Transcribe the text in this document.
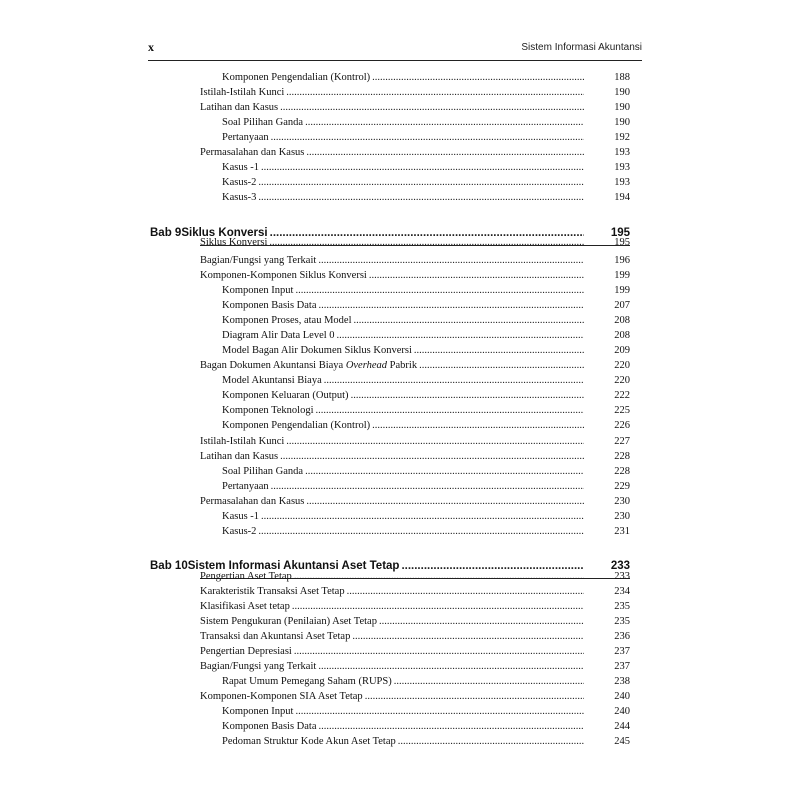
x	Sistem Informasi Akuntansi
Komponen Pengendalian (Kontrol) .....	188
Istilah-Istilah Kunci .....	190
Latihan dan Kasus .....	190
Soal Pilihan Ganda .....	190
Pertanyaan .....	192
Permasalahan dan Kasus .....	193
Kasus -1 .....	193
Kasus-2 .....	193
Kasus-3 .....	194
Bab 9 Siklus Konversi .....	195
Siklus Konversi .....	195
Bagian/Fungsi yang Terkait .....	196
Komponen-Komponen Siklus Konversi .....	199
Komponen Input .....	199
Komponen Basis Data .....	207
Komponen Proses, atau Model .....	208
Diagram Alir Data Level 0 .....	208
Model Bagan Alir Dokumen Siklus Konversi .....	209
Bagan Dokumen Akuntansi Biaya Overhead Pabrik .....	220
Model Akuntansi Biaya .....	220
Komponen Keluaran (Output) .....	222
Komponen Teknologi .....	225
Komponen Pengendalian (Kontrol) .....	226
Istilah-Istilah Kunci .....	227
Latihan dan Kasus .....	228
Soal Pilihan Ganda .....	228
Pertanyaan .....	229
Permasalahan dan Kasus .....	230
Kasus -1 .....	230
Kasus-2 .....	231
Bab 10 Sistem Informasi Akuntansi Aset Tetap .....	233
Pengertian Aset Tetap .....	233
Karakteristik Transaksi Aset Tetap .....	234
Klasifikasi Aset tetap .....	235
Sistem Pengukuran (Penilaian) Aset Tetap .....	235
Transaksi dan Akuntansi Aset Tetap .....	236
Pengertian Depresiasi .....	237
Bagian/Fungsi yang Terkait .....	237
Rapat Umum Pemegang Saham (RUPS) .....	238
Komponen-Komponen SIA Aset Tetap .....	240
Komponen Input .....	240
Komponen Basis Data .....	244
Pedoman Struktur Kode Akun Aset Tetap .....	245
